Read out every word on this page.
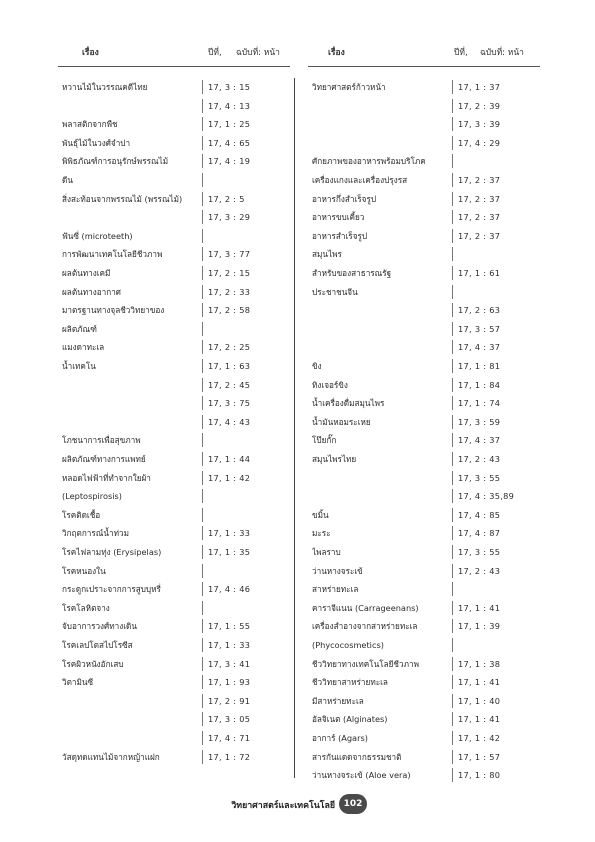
เรื่อง	ปีที่, ฉบับที่: หน้า
หวานไม้ในวรรณคดีไทย	17, 3 : 15
17, 4 : 13
พลาสติกจากพืช	17, 1 : 25
พันธุ์ไม้ในวงศ์จำปา	17, 4 : 65
พิพิธภัณฑ์การอนุรักษ์พรรณไม้	17, 4 : 19
ดีน
สิ่งสะท้อนจากพรรณไม้ (พรรณไม้)	17, 2 : 5
17, 3 : 29
ฟันซี่ (microteeth)
การพัฒนาเทคโนโลยีชีวภาพ	17, 3 : 77
ผลต้นทางเคมี	17, 2 : 15
ผลต้นทางอากาศ	17, 2 : 33
มาตรฐานทางจุลชีววิทยาของ	17, 2 : 58
ผลิตภัณฑ์
แมงดาทะเล	17, 2 : 25
น้ำเทคโน	17, 1 : 63
17, 2 : 45
17, 3 : 75
17, 4 : 43
โภชนาการเพื่อสุขภาพ
ผลิตภัณฑ์ทางการแพทย์	17, 1 : 44
หลอดไฟฟ้าที่ทำจากใยผ้า	17, 1 : 42
(Leptospirosis)
โรคติดเชื้อ
วิกฤตการณ์น้ำท่วม	17, 1 : 33
โรคไฟลามทุ่ง (Erysipelas)	17, 1 : 35
โรคหนองใน
กระดูกเปราะจากการสูบบุหรี่	17, 4 : 46
โรคโลหิตจาง
จับอาการวงศ์ทางเดิน	17, 1 : 55
โรคเลปโตสไปโรซีส	17, 1 : 33
โรคผิวหนังอักเสบ	17, 3 : 41
วิตามินซี	17, 1 : 93
17, 2 : 91
17, 3 : 05
17, 4 : 71
วัสดุทดแทนไม้จากหญ้าแฝก	17, 1 : 72
เรื่อง	ปีที่, ฉบับที่: หน้า
วิทยาศาสตร์ก้าวหน้า	17, 1 : 37
17, 2 : 39
17, 3 : 39
17, 4 : 29
ศักยภาพของอาหารพร้อมบริโภค
เครื่องแกงและเครื่องปรุงรส	17, 2 : 37
อาหารกึ่งสำเร็จรูป	17, 2 : 37
อาหารขบเคี้ยว	17, 2 : 37
อาหารสำเร็จรูป	17, 2 : 37
สมุนไพร
สำหรับของสาธารณรัฐ	17, 1 : 61
ประชาชนจีน
17, 2 : 63
17, 3 : 57
17, 4 : 37
ขิง	17, 1 : 81
ทิงเจอร์ขิง	17, 1 : 84
น้ำเครื่องดื่มสมุนไพร	17, 1 : 74
น้ำมันหอมระเหย	17, 3 : 59
โป๊ยกั๊ก	17, 4 : 37
สมุนไพรไทย	17, 2 : 43
17, 3 : 55
17, 4 : 35,89
ขมิ้น	17, 4 : 85
มะระ	17, 4 : 87
ไพลราบ	17, 3 : 55
ว่านหางจระเข้	17, 2 : 43
สาหร่ายทะเล
คาราจีแนน (Carrageenans)	17, 1 : 41
เครื่องสำอางจากสาหร่ายทะเล	17, 1 : 39
(Phycocosmetics)
ชีววิทยาทางเทคโนโลยีชีวภาพ	17, 1 : 38
ชีววิทยาสาหร่ายทะเล	17, 1 : 41
มีสาหร่ายทะเล	17, 1 : 40
อัลจิเนต (Alginates)	17, 1 : 41
อาการ์ (Agars)	17, 1 : 42
สารกันแดดจากธรรมชาติ	17, 1 : 57
ว่านหางจระเข้ (Aloe vera)	17, 1 : 80
วิทยาศาสตร์และเทคโนโลยี 102
